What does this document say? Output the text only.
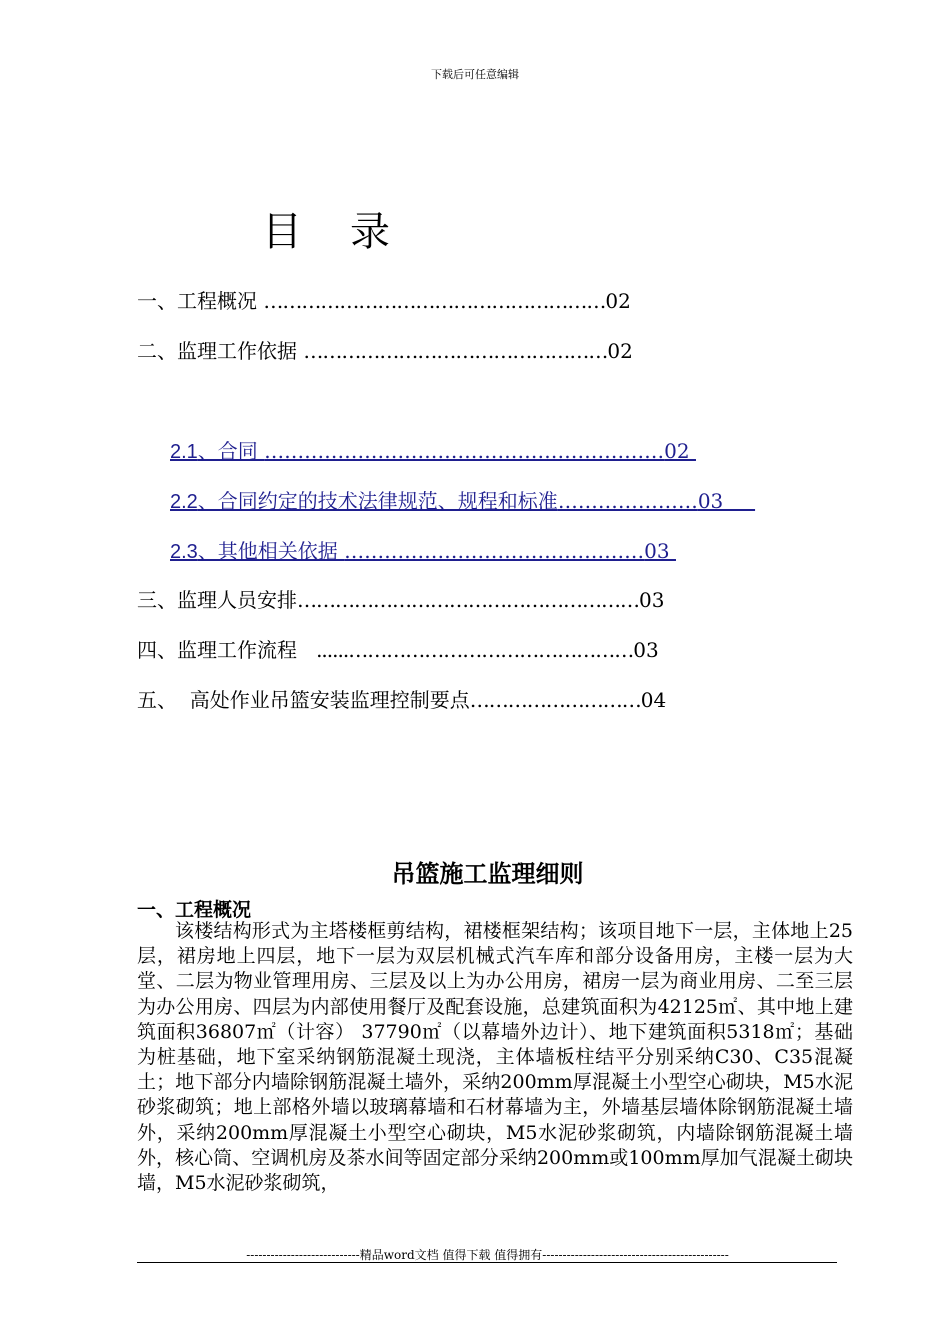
下载后可任意编辑
目 录
一、工程概况 ………………………………………………02
二、监理工作依据 …………………………………………02
2.1、合同 ……………………………………………………02
2.2、合同约定的技术法律规范、规程和标准…………………03
2.3、其他相关依据 ………………………………………03
三、监理人员安排………………………………………………03
四、监理工作流程   ......………………………………………03
五、  高处作业吊篮安装监理控制要点………………………04
吊篮施工监理细则
一、工程概况
该楼结构形式为主塔楼框剪结构，裙楼框架结构；该项目地下一层，主体地上25层，裙房地上四层，地下一层为双层机械式汽车库和部分设备用房，主楼一层为大堂、二层为物业管理用房、三层及以上为办公用房，裙房一层为商业用房、二至三层为办公用房、四层为内部使用餐厅及配套设施，总建筑面积为42125㎡、其中地上建筑面积36807㎡（计容） 37790㎡（以幕墙外边计）、地下建筑面积5318㎡；基础为桩基础，地下室采纳钢筋混凝土现浇，主体墙板柱结平分别采纳C30、C35混凝土；地下部分内墙除钢筋混凝土墙外，采纳200mm厚混凝土小型空心砌块，M5水泥砂浆砌筑；地上部格外墙以玻璃幕墙和石材幕墙为主，外墙基层墙体除钢筋混凝土墙外，采纳200mm厚混凝土小型空心砌块，M5水泥砂浆砌筑，内墙除钢筋混凝土墙外，核心筒、空调机房及茶水间等固定部分采纳200mm或100mm厚加气混凝土砌块墙，M5水泥砂浆砌筑，
----------------------------精品word文档 值得下载 值得拥有----------------------------------------------
